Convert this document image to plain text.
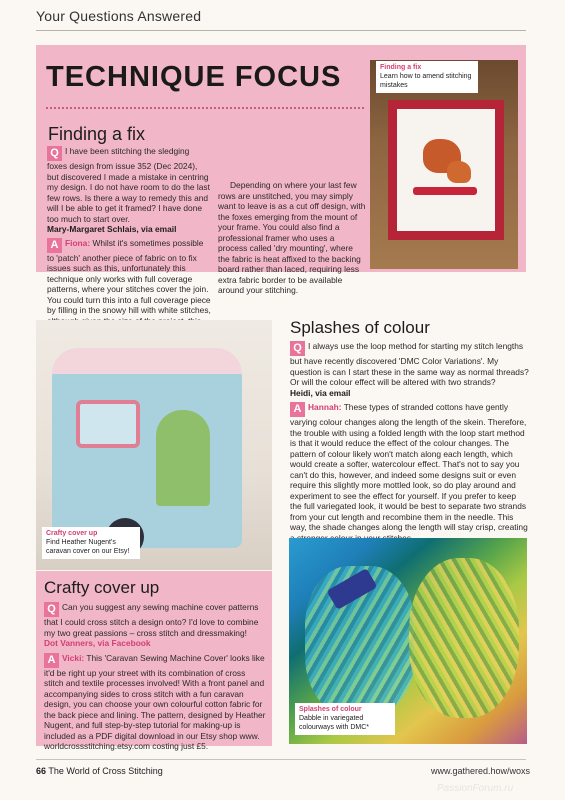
Your Questions Answered
TECHNIQUE FOCUS	Finding a fix
Learn how to amend stitching mistakes
Finding a fix

Q I have been stitching the sledging foxes design from issue 352 (Dec 2024), but discovered I made a mistake in centring my design. I do not have room to do the last few rows. Is there a way to remedy this and will I be able to get it framed? I have done too much to start over.

Mary-Margaret Schlais, via email

A Fiona: Whilst it's sometimes possible to 'patch' another piece of fabric on to fix issues such as this, unfortunately this technique only works with full coverage patterns, where your stitches cover the join. You could turn this into a full coverage piece by filling in the snowy hill with white stitches,

Depending on where your last few rows are unstitched, you may simply want to leave is as a cut off design, with the foxes emerging from the mount of your frame. You could also find a professional framer who uses a process called 'dry mounting', where the fabric is heat affixed to the backing board rather than laced, requiring less extra fabric border to be available around your stitching.

Crafty cover up
Find Heather Nugent's caravan cover on our Etsy!
Crafty cover up

Q Can you suggest any sewing machine cover patterns that I could cross stitch a design onto? I'd love to combine my two great passions – cross stitch and dressmaking!

Dot Vanners, via Facebook

A Vicki: This 'Caravan Sewing Machine Cover' looks like it'd be right up your street with its combination of cross stitch and textile processes involved! With a front panel and accompanying sides to cross stitch with a fun caravan design, you can choose your own colourful cotton fabric for the back piece and lining. The pattern, designed by Heather Nugent, and full step-by-step tutorial for making-up is included as a PDF digital download in our Etsy shop www. worldcrossstitching.etsy.com costing just £5.

Splashes of colour

Q I always use the loop method for starting my stitch lengths but have recently discovered 'DMC Color Variations'. My question is can I start these in the same way as normal threads? Or will the colour effect will be altered with two strands?

Heidi, via email

A Hannah: These types of stranded cottons have gently varying colour changes along the length of the skein. Therefore, the trouble with using a folded length with the loop start method is that it would reduce the effect of the colour changes. The pattern of colour likely won't match along each length, which would create a softer, watercolour effect. That's not to say you can't do this, however, and indeed some designs suit or even require this slightly more mottled look, so do play around and experiment to see the effect for yourself. If you prefer to keep the full variegated look, it would be best to separate two strands from your cut length and recombine them in the needle. This way, the shade changes along the length will stay crisp, creating

Splashes of colour
Dabble in variegated colourways with DMC*
66 The World of Cross Stitching	www.gathered.how/woxs
PassionForum.ru
